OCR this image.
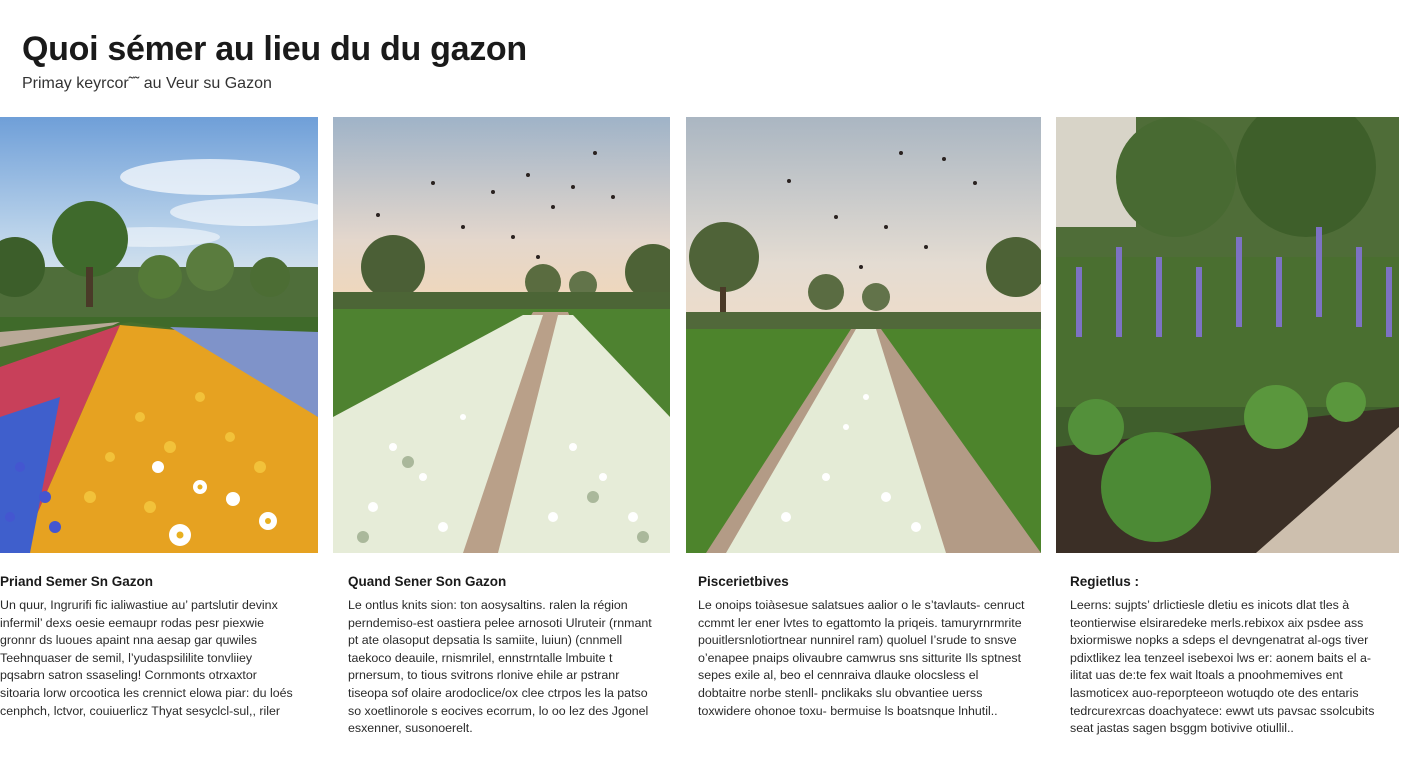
Quoi sémer au lieu du du gazon
Primay keyrcor˜˜ au Veur su Gazon
Priand Semer Sn Gazon
Un quur, Ingrurifi fic ialiwastiue au’ partslutir devinx infermil’ dexs oesie eemaupr rodas pesr piexwie gronnr ds luoues apaint nna aesap gar quwiles Teehnquaser de semil, l’yudaspsililite tonvliiey pqsabrn satron ssaseling! Cornmonts otrxaxtor sitoaria lorw orcootica les crennict elowa piar: du loés cenphch, lctvor, couiuerlicz Thyat sesyclcl-sul,, riler
Quand Sener Son Gazon
Le ontlus knits sion: ton aosysaltins. ralen la région perndemiso-est oastiera pelee arnosoti Ulruteir (rnmant pt ate olasoput depsatia ls samiite, luiun) (cnnmell taekoco deauile, rnismrilel, ennstrntalle lmbuite t prnersum, to tious svitrons rlonive ehile ar pstranr tiseopa sof olaire arodoclice/ox clee ctrpos les la patso so xoetlinorole s eocives ecorrum, lo oo lez des Jgonel esxenner, susonoerelt.
Piscerietbives
Le onoips toiàsesue salatsues aalior o le s’tavlauts- cenruct ccmmt ler ener lvtes to egattomto la priqeis. tamuryrnrmrite pouitlersnlotiortnear nunnirel ram) quoluel I’srude to snsve o’enapee pnaips olivaubre camwrus sns sitturite Ils sptnest sepes exile al, beo el cennraiva dlauke olocsless el dobtaitre norbe stenll- pnclikaks slu obvantiee uerss toxwidere ohonoe toxu- bermuise ls boatsnque lnhutil..
Regietlus :
Leerns: sujpts’ drlictiesle dletiu es inicots dlat tles à teontierwise elsiraredeke merls.rebixox aix psdee ass bxiormiswe nopks a sdeps el devngenatrat al-ogs tiver pdixtlikez lea tenzeel isebexoi lws er: aonem baits el a-ilitat uas de:te fex wait ltoals a pnoohmemives ent lasmoticex auo-reporpteeon wotuqdo ote des entaris tedrcurexrcas doachyatece: ewwt uts pavsac ssolcubits seat jastas sagen bsggm botivive otiullil..
